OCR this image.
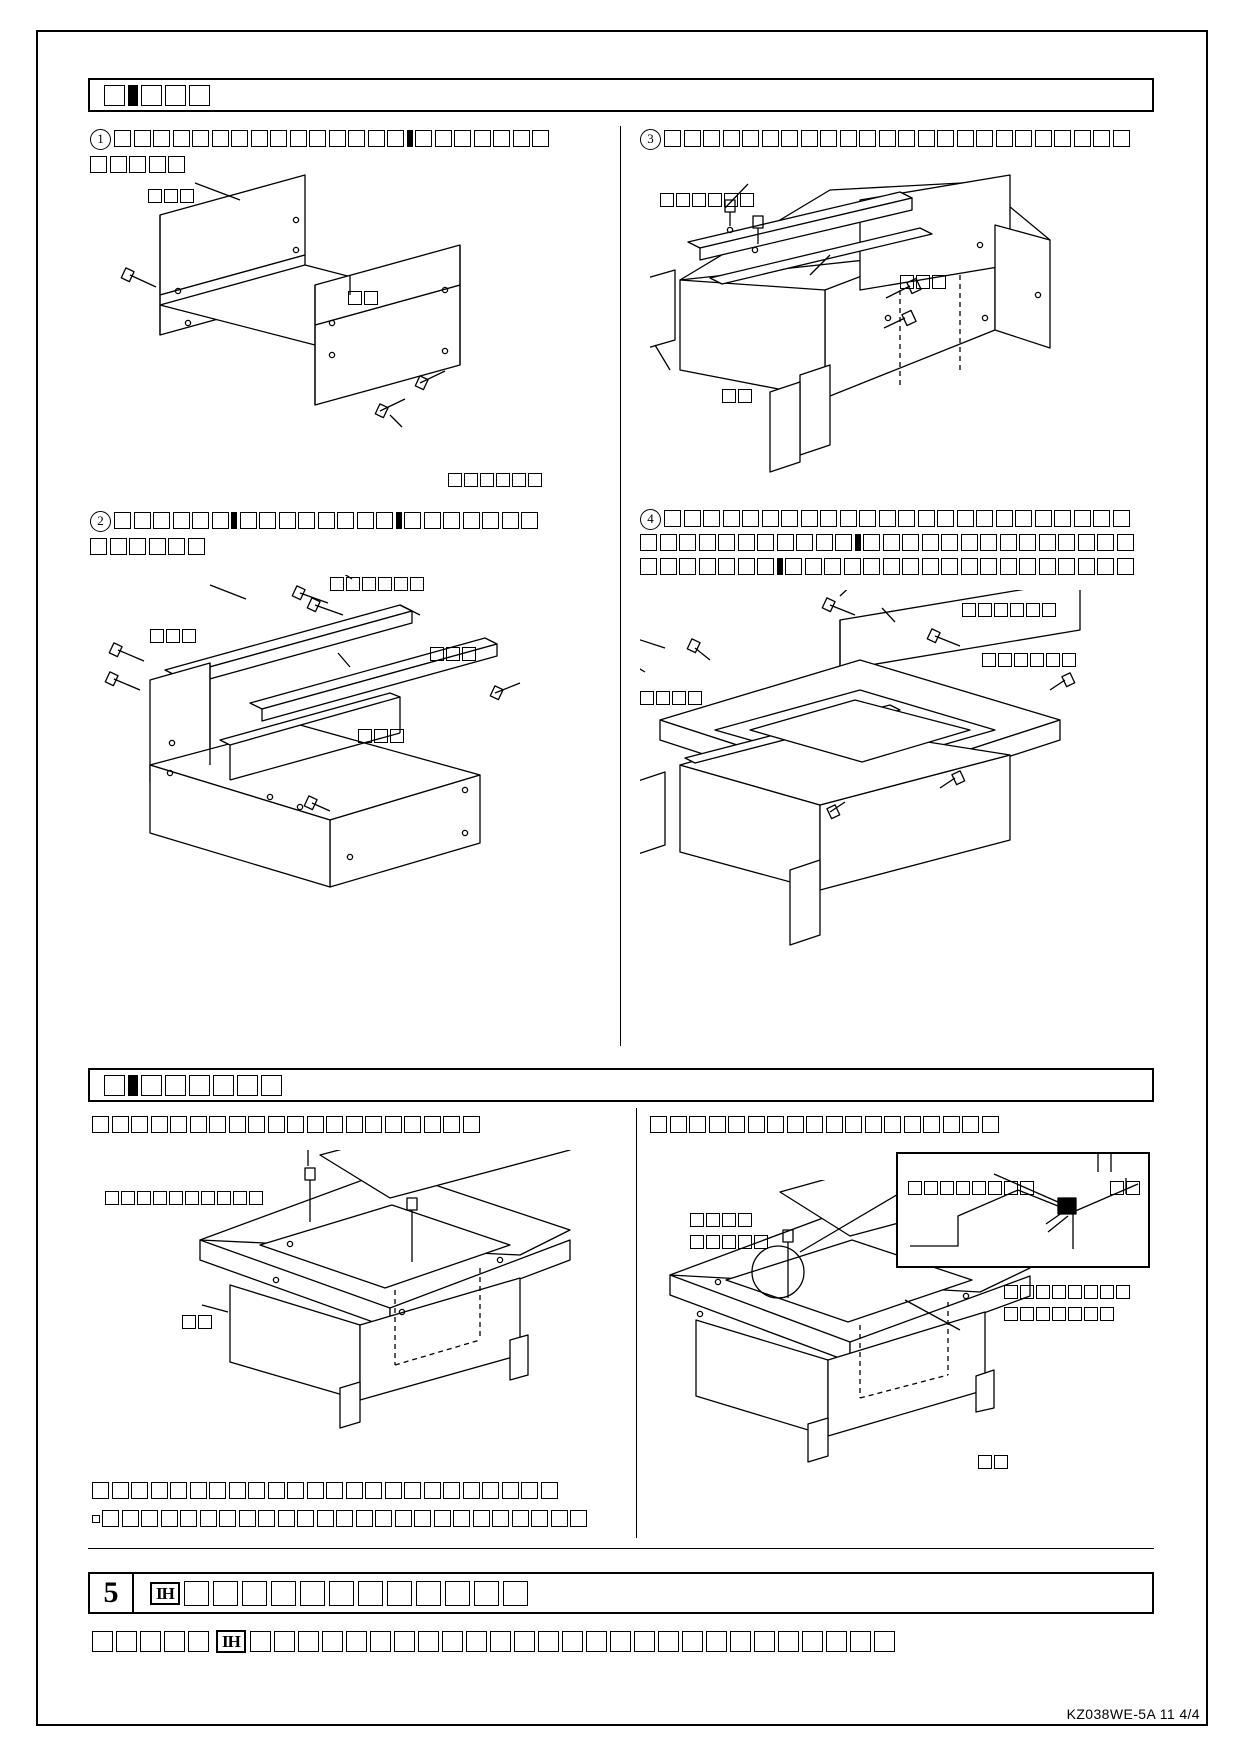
1
2
3
4
5	IH
IH
KZ038WE-5A 11 4/4
